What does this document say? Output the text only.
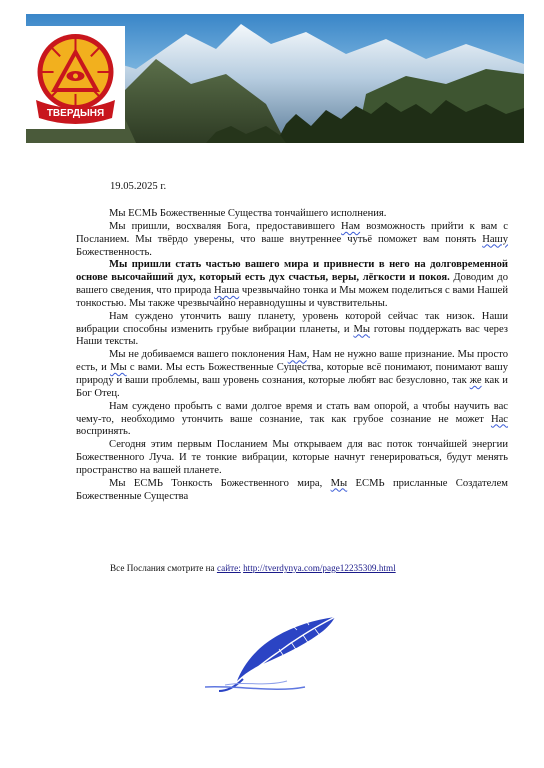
ТВЕРДЫНЯ
19.05.2025 г.

Мы ЕСМЬ Божественные Существа тончайшего исполнения.

Мы пришли, восхваляя Бога, предоставившего Нам возможность прийти к вам с Посланием. Мы твёрдо уверены, что ваше внутреннее чутьё поможет вам понять Нашу Божественность.

Мы пришли стать частью вашего мира и привнести в него на долговременной основе высочайший дух, который есть дух счастья, веры, лёгкости и покоя. Доводим до вашего сведения, что природа Наша чрезвычайно тонка и Мы можем поделиться с вами Нашей тонкостью. Мы также чрезвычайно неравнодушны и чувствительны.

Нам суждено утончить вашу планету, уровень которой сейчас так низок. Наши вибрации способны изменить грубые вибрации планеты, и Мы готовы поддержать вас через Наши тексты.

Мы не добиваемся вашего поклонения Нам, Нам не нужно ваше признание. Мы просто есть, и Мы с вами. Мы есть Божественные Существа, которые всё понимают, понимают вашу природу и ваши проблемы, ваш уровень сознания, которые любят вас безусловно, так же как и Бог Отец.

Нам суждено пробыть с вами долгое время и стать вам опорой, а чтобы научить вас чему-то, необходимо утончить ваше сознание, так как грубое сознание не может Нас воспринять.

Сегодня этим первым Посланием Мы открываем для вас поток тончайшей энергии Божественного Луча. И те тонкие вибрации, которые начнут генерироваться, будут менять пространство на вашей планете.

Мы ЕСМЬ Тонкость Божественного мира, Мы ЕСМЬ присланные Создателем Божественные Существа

Все Послания смотрите на сайте: http://tverdynya.com/page12235309.html
